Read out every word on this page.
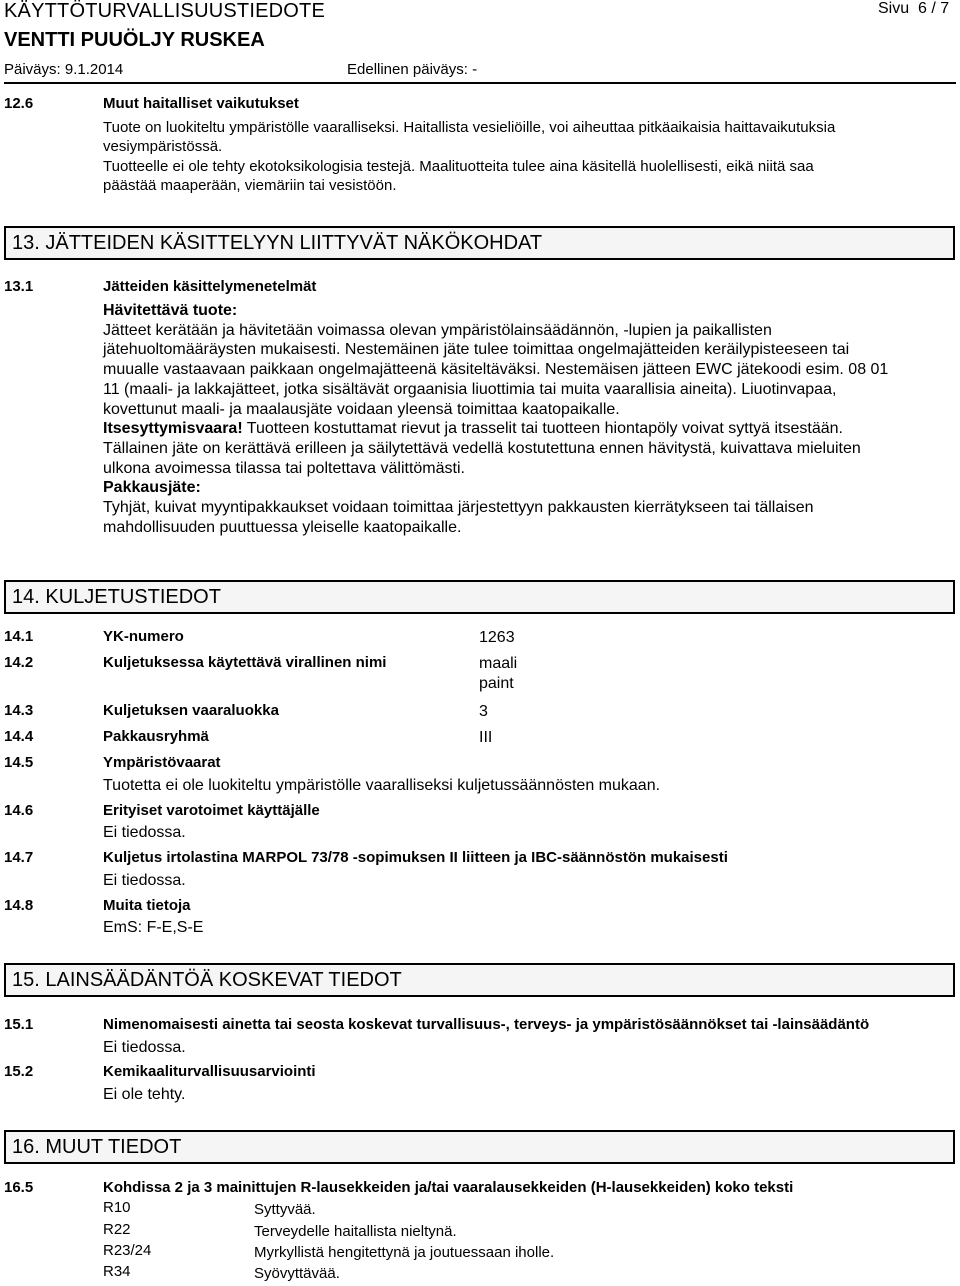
KÄYTTÖTURVALLISUUSTIEDOTE	Sivu 6 / 7
VENTTI PUUÖLJY RUSKEA
Päiväys: 9.1.2014	Edellinen päiväys: -
12.6	Muut haitalliset vaikutukset
Tuote on luokiteltu ympäristölle vaaralliseksi. Haitallista vesieliöille, voi aiheuttaa pitkäaikaisia haittavaikutuksia
vesiympäristössä.
Tuotteelle ei ole tehty ekotoksikologisia testejä. Maalituotteita tulee aina käsitellä huolellisesti, eikä niitä saa
päästää maaperään, viemäriin tai vesistöön.
13. JÄTTEIDEN KÄSITTELYYN LIITTYVÄT NÄKÖKOHDAT
13.1	Jätteiden käsittelymenetelmät
Hävitettävä tuote:
Jätteet kerätään ja hävitetään voimassa olevan ympäristölainsäädännön, -lupien ja paikallisten
jätehuoltomääräysten mukaisesti. Nestemäinen jäte tulee toimittaa ongelmajätteiden keräilypisteeseen tai
muualle vastaavaan paikkaan ongelmajätteenä käsiteltäväksi. Nestemäisen jätteen EWC jätekoodi esim. 08 01
11 (maali- ja lakkajätteet, jotka sisältävät orgaanisia liuottimia tai muita vaarallisia aineita). Liuotinvapaa,
kovettunut maali- ja maalausjäte voidaan yleensä toimittaa kaatopaikalle.
Itsesyttymisvaara! Tuotteen kostuttamat rievut ja trasselit tai tuotteen hiontapöly voivat syttyä itsestään.
Tällainen jäte on kerättävä erilleen ja säilytettävä vedellä kostutettuna ennen hävitystä, kuivattava mieluiten
ulkona avoimessa tilassa tai poltettava välittömästi.
Pakkausjäte:
Tyhjät, kuivat myyntipakkaukset voidaan toimittaa järjestettyyn pakkausten kierrätykseen tai tällaisen
mahdollisuuden puuttuessa yleiselle kaatopaikalle.
14. KULJETUSTIEDOT
14.1	YK-numero	1263
14.2	Kuljetuksessa käytettävä virallinen nimi	maali
paint
14.3	Kuljetuksen vaaraluokka	3
14.4	Pakkausryhmä	III
14.5	Ympäristövaarat
Tuotetta ei ole luokiteltu ympäristölle vaaralliseksi kuljetussäännösten mukaan.
14.6	Erityiset varotoimet käyttäjälle
Ei tiedossa.
14.7	Kuljetus irtolastina MARPOL 73/78 -sopimuksen II liitteen ja IBC-säännöstön mukaisesti
Ei tiedossa.
14.8	Muita tietoja
EmS: F-E,S-E
15. LAINSÄÄDÄNTÖÄ KOSKEVAT TIEDOT
15.1	Nimenomaisesti ainetta tai seosta koskevat turvallisuus-, terveys- ja ympäristösäännökset tai -lainsäädäntö
Ei tiedossa.
15.2	Kemikaaliturvallisuusarviointi
Ei ole tehty.
16. MUUT TIEDOT
16.5	Kohdissa 2 ja 3 mainittujen R-lausekkeiden ja/tai vaaralausekkeiden (H-lausekkeiden) koko teksti
R10	Syttyvää.
R22	Terveydelle haitallista nieltynä.
R23/24	Myrkyllistä hengitettynä ja joutuessaan iholle.
R34	Syövyttävää.
